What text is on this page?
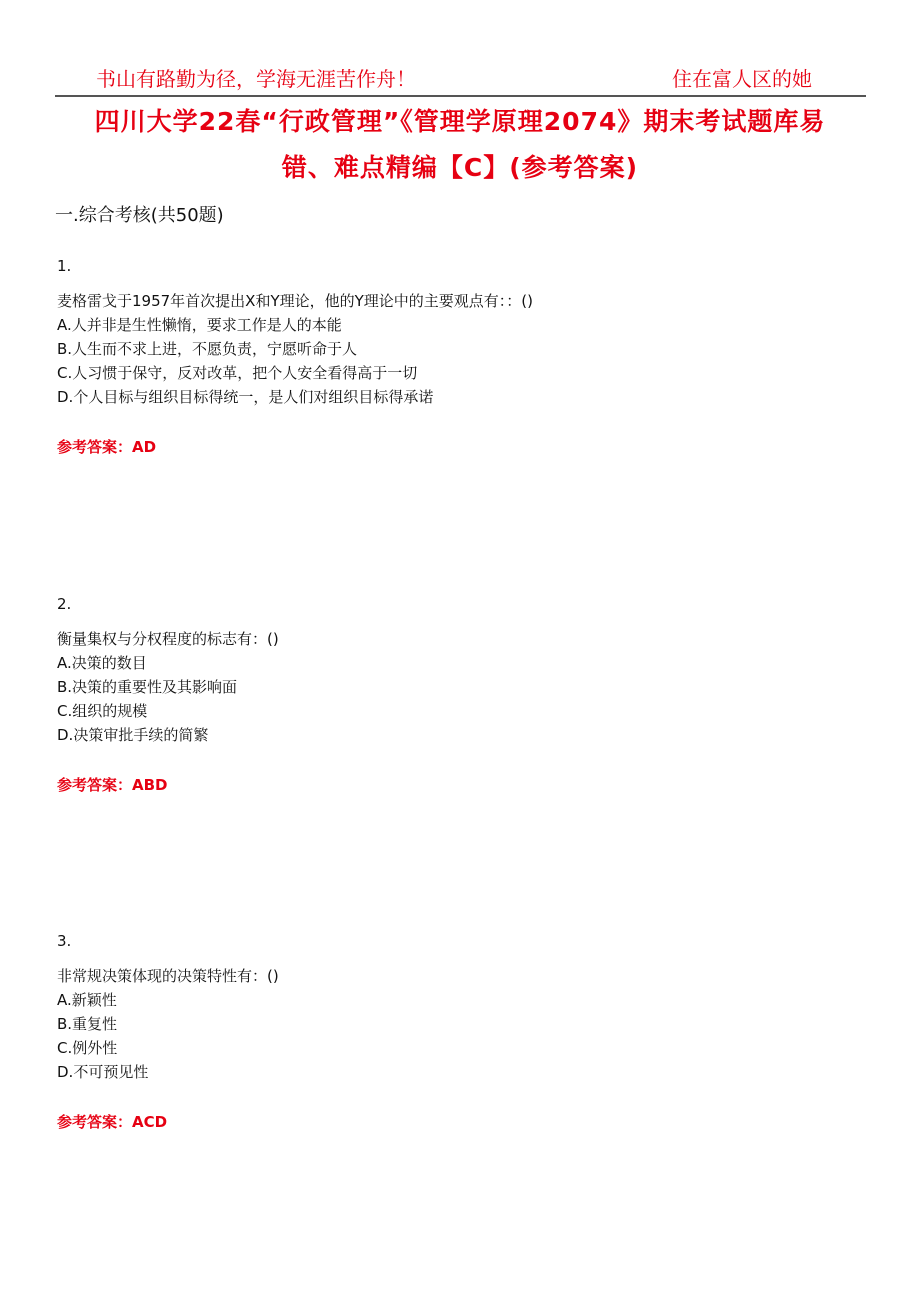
书山有路勤为径，学海无涯苦作舟！	住在富人区的她
四川大学22春“行政管理”《管理学原理2074》期末考试题库易
错、难点精编【C】(参考答案)
一.综合考核(共50题)
1.
麦格雷戈于1957年首次提出X和Y理论，他的Y理论中的主要观点有：：()
A.人并非是生性懒惰，要求工作是人的本能
B.人生而不求上进，不愿负责，宁愿听命于人
C.人习惯于保守，反对改革，把个人安全看得高于一切
D.个人目标与组织目标得统一，是人们对组织目标得承诺
参考答案：AD
2.
衡量集权与分权程度的标志有：()
A.决策的数目
B.决策的重要性及其影响面
C.组织的规模
D.决策审批手续的简繁
参考答案：ABD
3.
非常规决策体现的决策特性有：()
A.新颖性
B.重复性
C.例外性
D.不可预见性
参考答案：ACD
